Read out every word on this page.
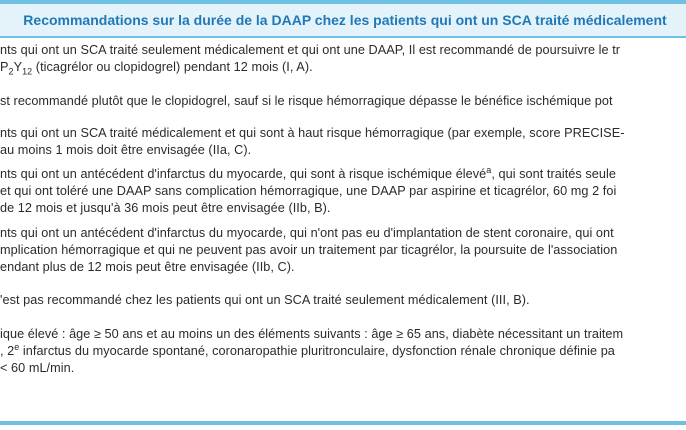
Recommandations sur la durée de la DAAP chez les patients qui ont un SCA traité médicalement
nts qui ont un SCA traité seulement médicalement et qui ont une DAAP, Il est recommandé de poursuivre le tr
$P_2Y_{12}$ (ticagrélor ou clopidogrel) pendant 12 mois (I, A).
st recommandé plutôt que le clopidogrel, sauf si le risque hémorragique dépasse le bénéfice ischémique pot
nts qui ont un SCA traité médicalement et qui sont à haut risque hémorragique (par exemple, score PRECISE-
au moins 1 mois doit être envisagée (IIa, C).
nts qui ont un antécédent d'infarctus du myocarde, qui sont à risque ischémique élevé$^a$, qui sont traités seule
et qui ont toléré une DAAP sans complication hémorragique, une DAAP par aspirine et ticagrélor, 60 mg 2 foi
de 12 mois et jusqu'à 36 mois peut être envisagée (IIb, B).
nts qui ont un antécédent d'infarctus du myocarde, qui n'ont pas eu d'implantation de stent coronaire, qui ont
mplication hémorragique et qui ne peuvent pas avoir un traitement par ticagrélor, la poursuite de l'association
endant plus de 12 mois peut être envisagée (IIb, C).
'est pas recommandé chez les patients qui ont un SCA traité seulement médicalement (III, B).
ique élevé : âge ≥ 50 ans et au moins un des éléments suivants : âge ≥ 65 ans, diabète nécessitant un traitem
, 2e infarctus du myocarde spontané, coronaropathie pluritronculaire, dysfonction rénale chronique définie pa
< 60 mL/min.
